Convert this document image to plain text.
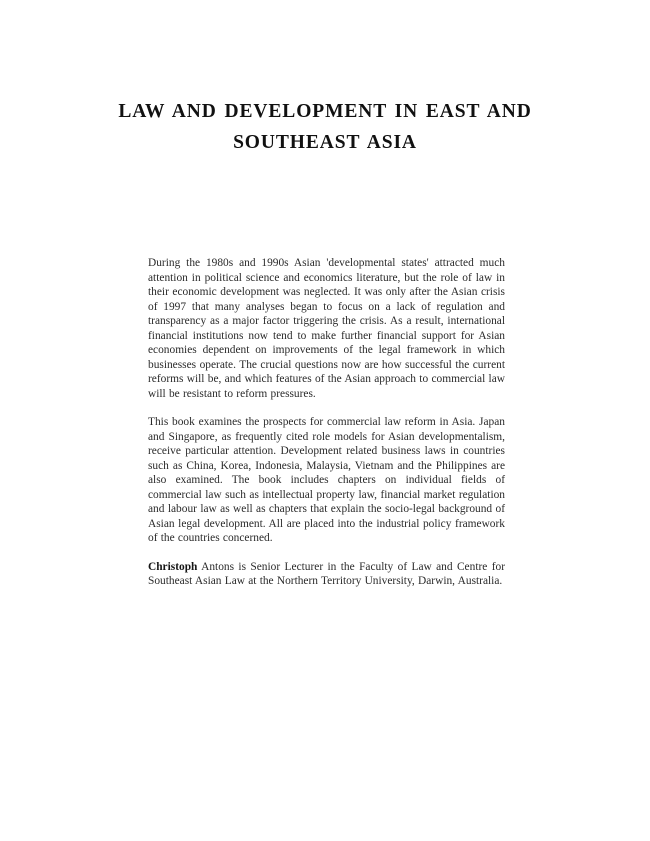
LAW AND DEVELOPMENT IN EAST AND
SOUTHEAST ASIA

During the 1980s and 1990s Asian 'developmental states' attracted much attention in political science and economics literature, but the role of law in their economic development was neglected. It was only after the Asian crisis of 1997 that many analyses began to focus on a lack of regulation and transparency as a major factor triggering the crisis. As a result, international financial institutions now tend to make further financial support for Asian economies dependent on improvements of the legal framework in which businesses operate. The crucial questions now are how successful the current reforms will be, and which features of the Asian approach to commercial law will be resistant to reform pressures.

This book examines the prospects for commercial law reform in Asia. Japan and Singapore, as frequently cited role models for Asian developmentalism, receive particular attention. Development related business laws in countries such as China, Korea, Indonesia, Malaysia, Vietnam and the Philippines are also examined. The book includes chapters on individual fields of commercial law such as intellectual property law, financial market regulation and labour law as well as chapters that explain the socio-legal background of Asian legal development. All are placed into the industrial policy framework of the countries concerned.

Christoph Antons is Senior Lecturer in the Faculty of Law and Centre for Southeast Asian Law at the Northern Territory University, Darwin, Australia.
